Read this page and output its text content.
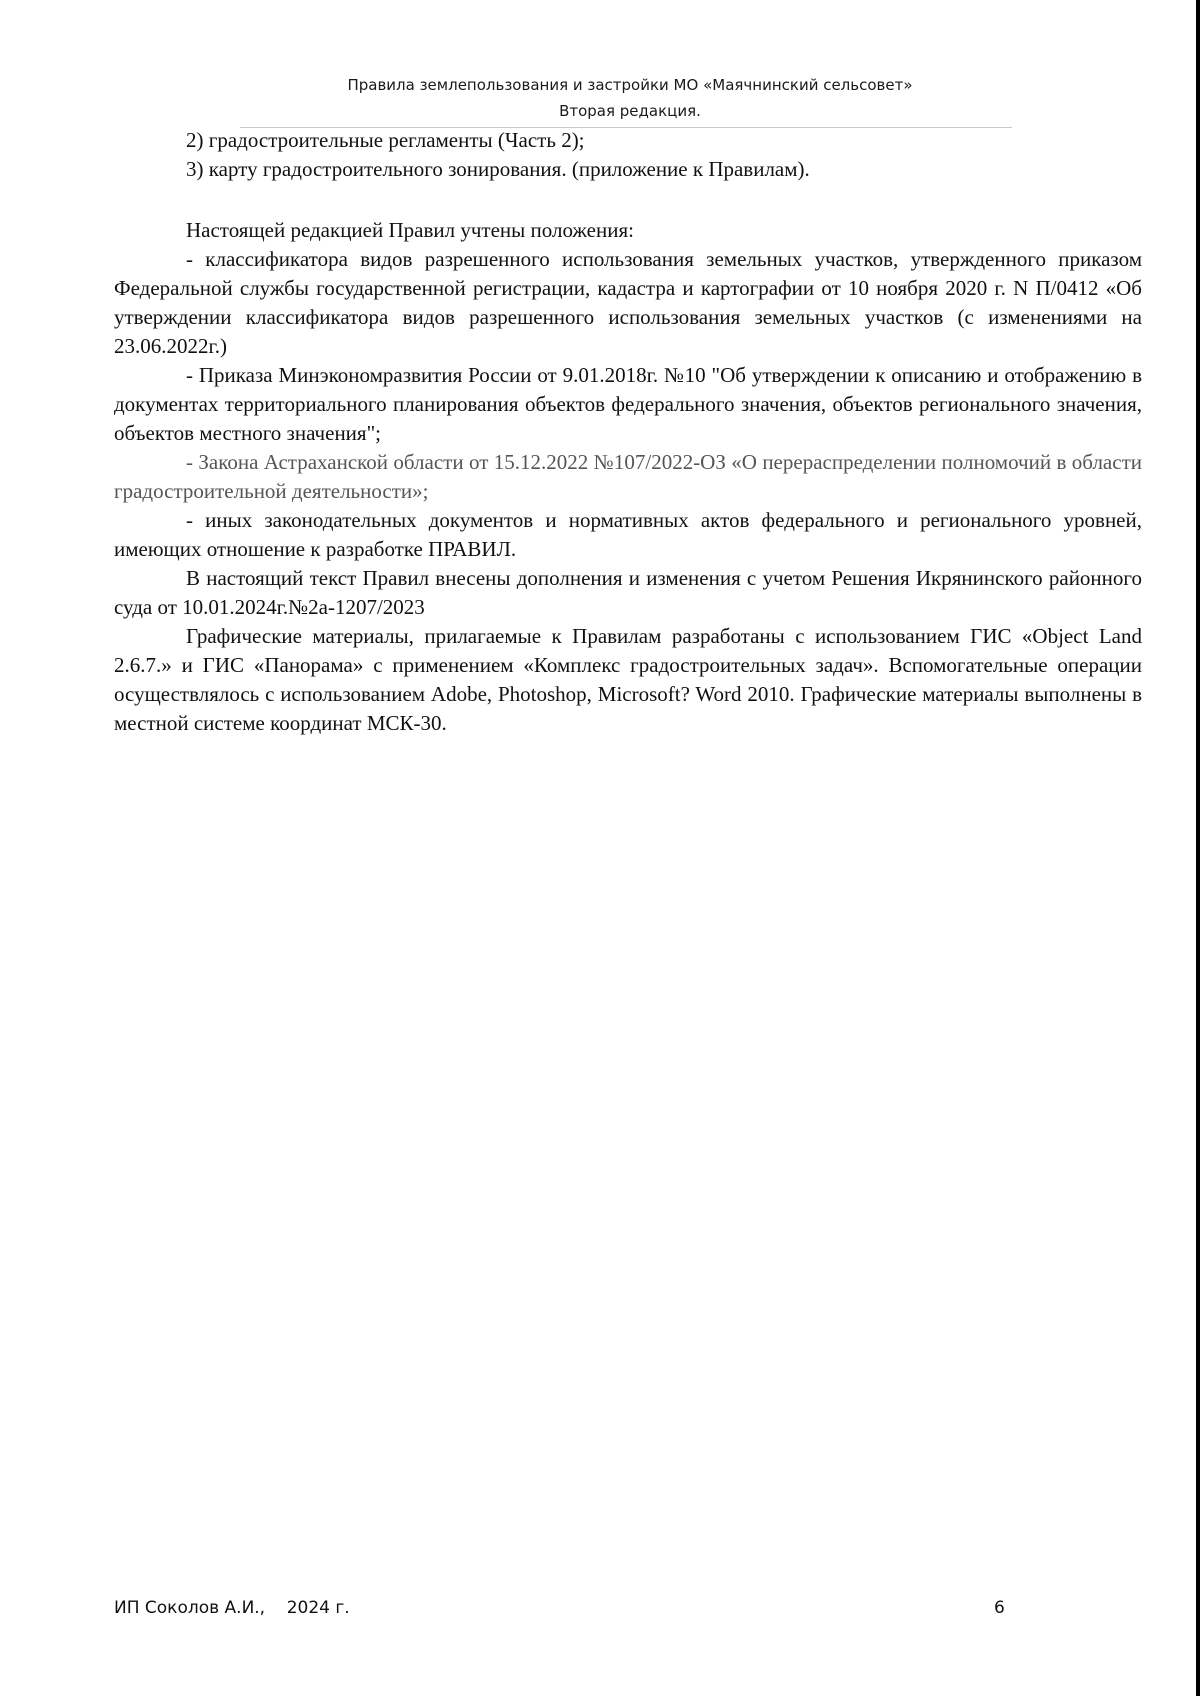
Правила землепользования и застройки МО «Маячнинский сельсовет»
Вторая редакция.

2) градостроительные регламенты (Часть 2);

3) карту градостроительного зонирования. (приложение к Правилам).

Настоящей редакцией Правил учтены положения:

- классификатора видов разрешенного использования земельных участков, утвержденного приказом Федеральной службы государственной регистрации, кадастра и картографии от 10 ноября 2020 г. N П/0412 «Об утверждении классификатора видов разрешенного использования земельных участков (с изменениями на 23.06.2022г.)

- Приказа Минэкономразвития России от 9.01.2018г. №10 "Об утверждении к описанию и отображению в документах территориального планирования объектов федерального значения, объектов регионального значения, объектов местного значения";

- Закона Астраханской области от 15.12.2022 №107/2022-ОЗ «О перераспределении полномочий в области градостроительной деятельности»;

- иных законодательных документов и нормативных актов федерального и регионального уровней, имеющих отношение к разработке ПРАВИЛ.

В настоящий текст Правил внесены дополнения и изменения с учетом Решения Икрянинского районного суда от 10.01.2024г.№2а-1207/2023

Графические материалы, прилагаемые к Правилам разработаны с использованием ГИС «Object Land 2.6.7.» и ГИС «Панорама» с применением «Комплекс градостроительных задач». Вспомогательные операции осуществлялось с использованием Adobe, Photoshop, Microsoft? Word 2010. Графические материалы выполнены в местной системе координат МСК-30.

ИП Соколов А.И.,    2024 г.	6
